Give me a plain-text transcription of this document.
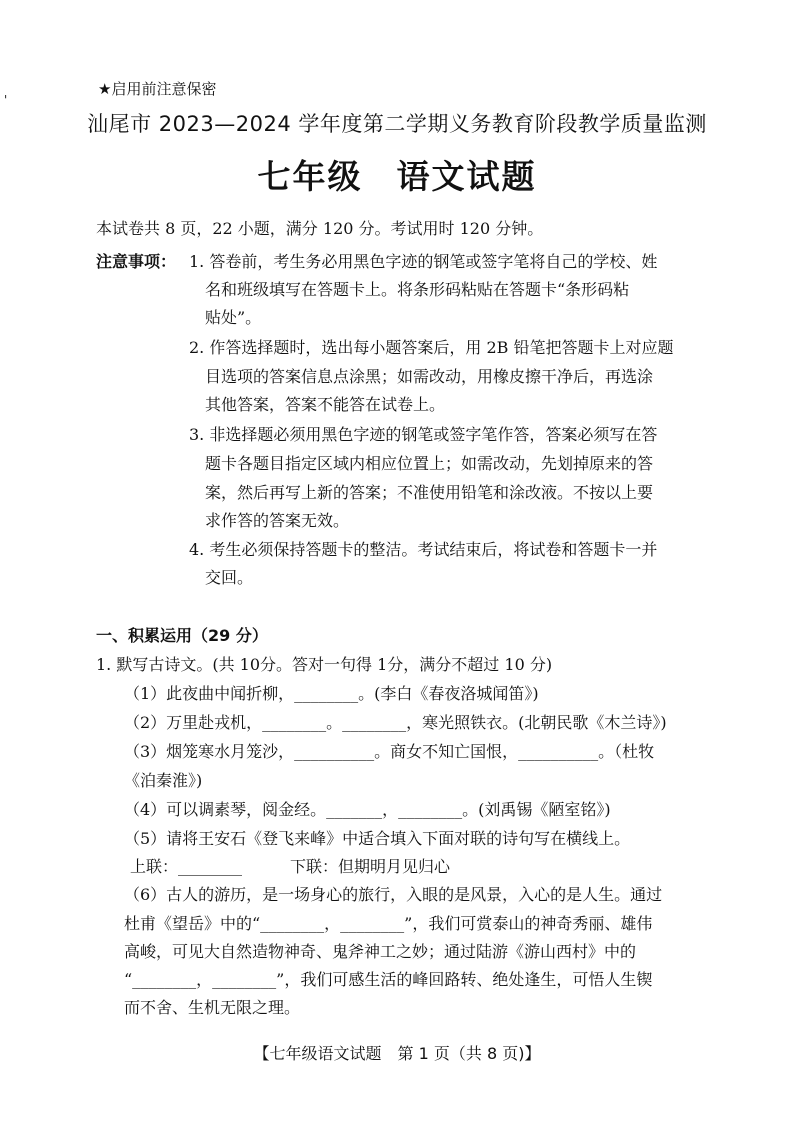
★启用前注意保密
'
汕尾市 2023—2024 学年度第二学期义务教育阶段教学质量监测
七年级 语文试题
本试卷共 8 页，22 小题，满分 120 分。考试用时 120 分钟。
注意事项： 1. 答卷前，考生务必用黑色字迹的钢笔或签字笔将自己的学校、姓
名和班级填写在答题卡上。将条形码粘贴在答题卡“条形码粘
贴处”。
2. 作答选择题时，选出每小题答案后，用 2B 铅笔把答题卡上对应题
目选项的答案信息点涂黑；如需改动，用橡皮擦干净后，再选涂
其他答案，答案不能答在试卷上。
3. 非选择题必须用黑色字迹的钢笔或签字笔作答，答案必须写在答
题卡各题目指定区域内相应位置上；如需改动，先划掉原来的答
案，然后再写上新的答案；不准使用铅笔和涂改液。不按以上要
求作答的答案无效。
4. 考生必须保持答题卡的整洁。考试结束后，将试卷和答题卡一并
交回。
一、积累运用（29 分）
1. 默写古诗文。(共 10分。答对一句得 1分，满分不超过 10 分)
（1）此夜曲中闻折柳，________。(李白《春夜洛城闻笛》)
（2）万里赴戎机，________。________，寒光照铁衣。(北朝民歌《木兰诗》)
（3）烟笼寒水月笼沙，__________。商女不知亡国恨，__________。（杜牧
《泊秦淮》)
（4）可以调素琴，阅金经。_______，________。(刘禹锡《陋室铭》)
（5）请将王安石《登飞来峰》中适合填入下面对联的诗句写在横线上。
上联：________　　　下联：但期明月见归心
（6）古人的游历，是一场身心的旅行，入眼的是风景，入心的是人生。通过
杜甫《望岳》中的“________，________”，我们可赏泰山的神奇秀丽、雄伟
高峻，可见大自然造物神奇、鬼斧神工之妙；通过陆游《游山西村》中的
“________，________”，我们可感生活的峰回路转、绝处逢生，可悟人生锲
而不舍、生机无限之理。
【七年级语文试题　第 1 页（共 8 页)】
